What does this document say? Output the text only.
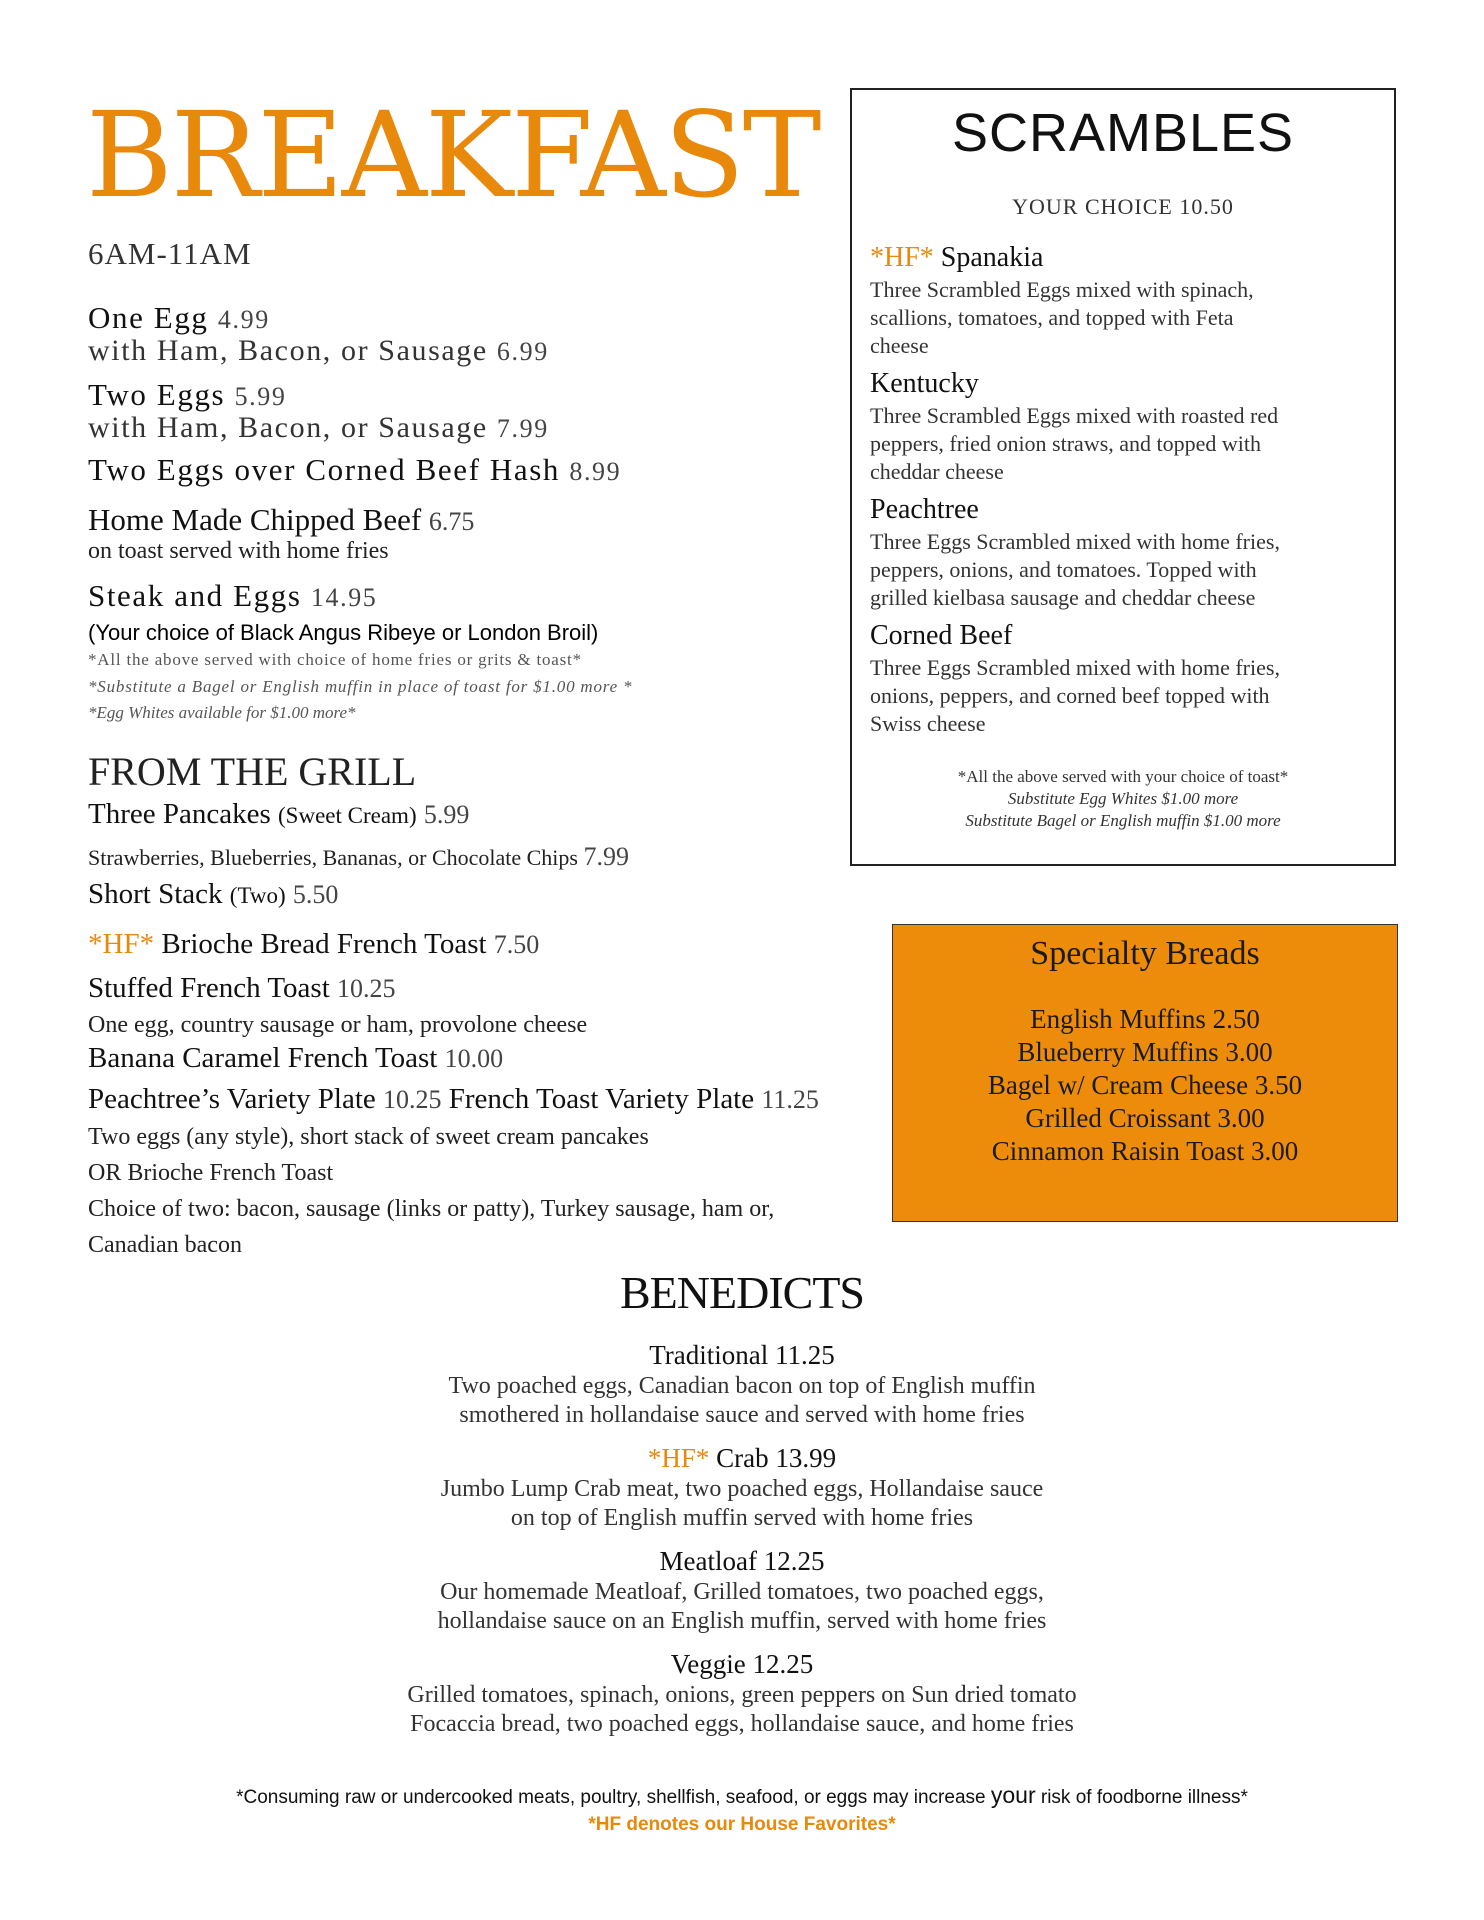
BREAKFAST
6AM-11AM
One Egg 4.99
with Ham, Bacon, or Sausage 6.99
Two Eggs 5.99
with Ham, Bacon, or Sausage 7.99
Two Eggs over Corned Beef Hash 8.99
Home Made Chipped Beef 6.75
on toast served with home fries
Steak and Eggs 14.95
(Your choice of Black Angus Ribeye or London Broil)
*All the above served with choice of home fries or grits & toast*
*Substitute a Bagel or English muffin in place of toast for $1.00 more *
*Egg Whites available for $1.00 more*
FROM THE GRILL
Three Pancakes (Sweet Cream) 5.99
Strawberries, Blueberries, Bananas, or Chocolate Chips 7.99
Short Stack (Two) 5.50
*HF* Brioche Bread French Toast 7.50
Stuffed French Toast 10.25
One egg, country sausage or ham, provolone cheese
Banana Caramel French Toast 10.00
Peachtree’s Variety Plate 10.25 French Toast Variety Plate 11.25
Two eggs (any style), short stack of sweet cream pancakes
OR Brioche French Toast
Choice of two: bacon, sausage (links or patty), Turkey sausage, ham or,
Canadian bacon
SCRAMBLES
YOUR CHOICE 10.50
*HF* Spanakia
Three Scrambled Eggs mixed with spinach,
scallions, tomatoes, and topped with Feta
cheese
Kentucky
Three Scrambled Eggs mixed with roasted red
peppers, fried onion straws, and topped with
cheddar cheese
Peachtree
Three Eggs Scrambled mixed with home fries,
peppers, onions, and tomatoes. Topped with
grilled kielbasa sausage and cheddar cheese
Corned Beef
Three Eggs Scrambled mixed with home fries,
onions, peppers, and corned beef topped with
Swiss cheese
*All the above served with your choice of toast*
Substitute Egg Whites $1.00 more
Substitute Bagel or English muffin $1.00 more
Specialty Breads
English Muffins 2.50
Blueberry Muffins 3.00
Bagel w/ Cream Cheese 3.50
Grilled Croissant 3.00
Cinnamon Raisin Toast 3.00
BENEDICTS
Traditional 11.25
Two poached eggs, Canadian bacon on top of English muffin
smothered in hollandaise sauce and served with home fries
*HF* Crab 13.99
Jumbo Lump Crab meat, two poached eggs, Hollandaise sauce
on top of English muffin served with home fries
Meatloaf 12.25
Our homemade Meatloaf, Grilled tomatoes, two poached eggs,
hollandaise sauce on an English muffin, served with home fries
Veggie 12.25
Grilled tomatoes, spinach, onions, green peppers on Sun dried tomato
Focaccia bread, two poached eggs, hollandaise sauce, and home fries
*Consuming raw or undercooked meats, poultry, shellfish, seafood, or eggs may increase your risk of foodborne illness*
*HF denotes our House Favorites*
